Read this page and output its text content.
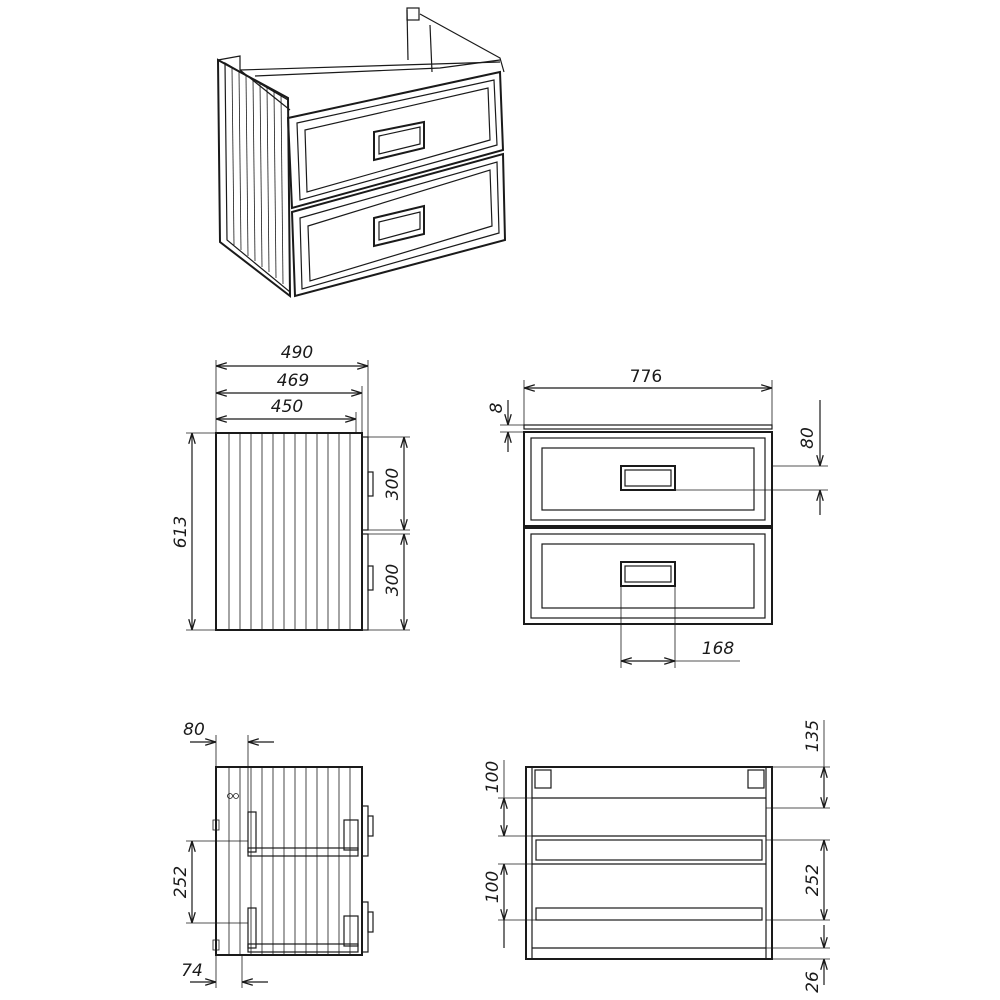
490
469
450
613
300
300
776
8
80
168
80
252
74
135
100
252
100
26
